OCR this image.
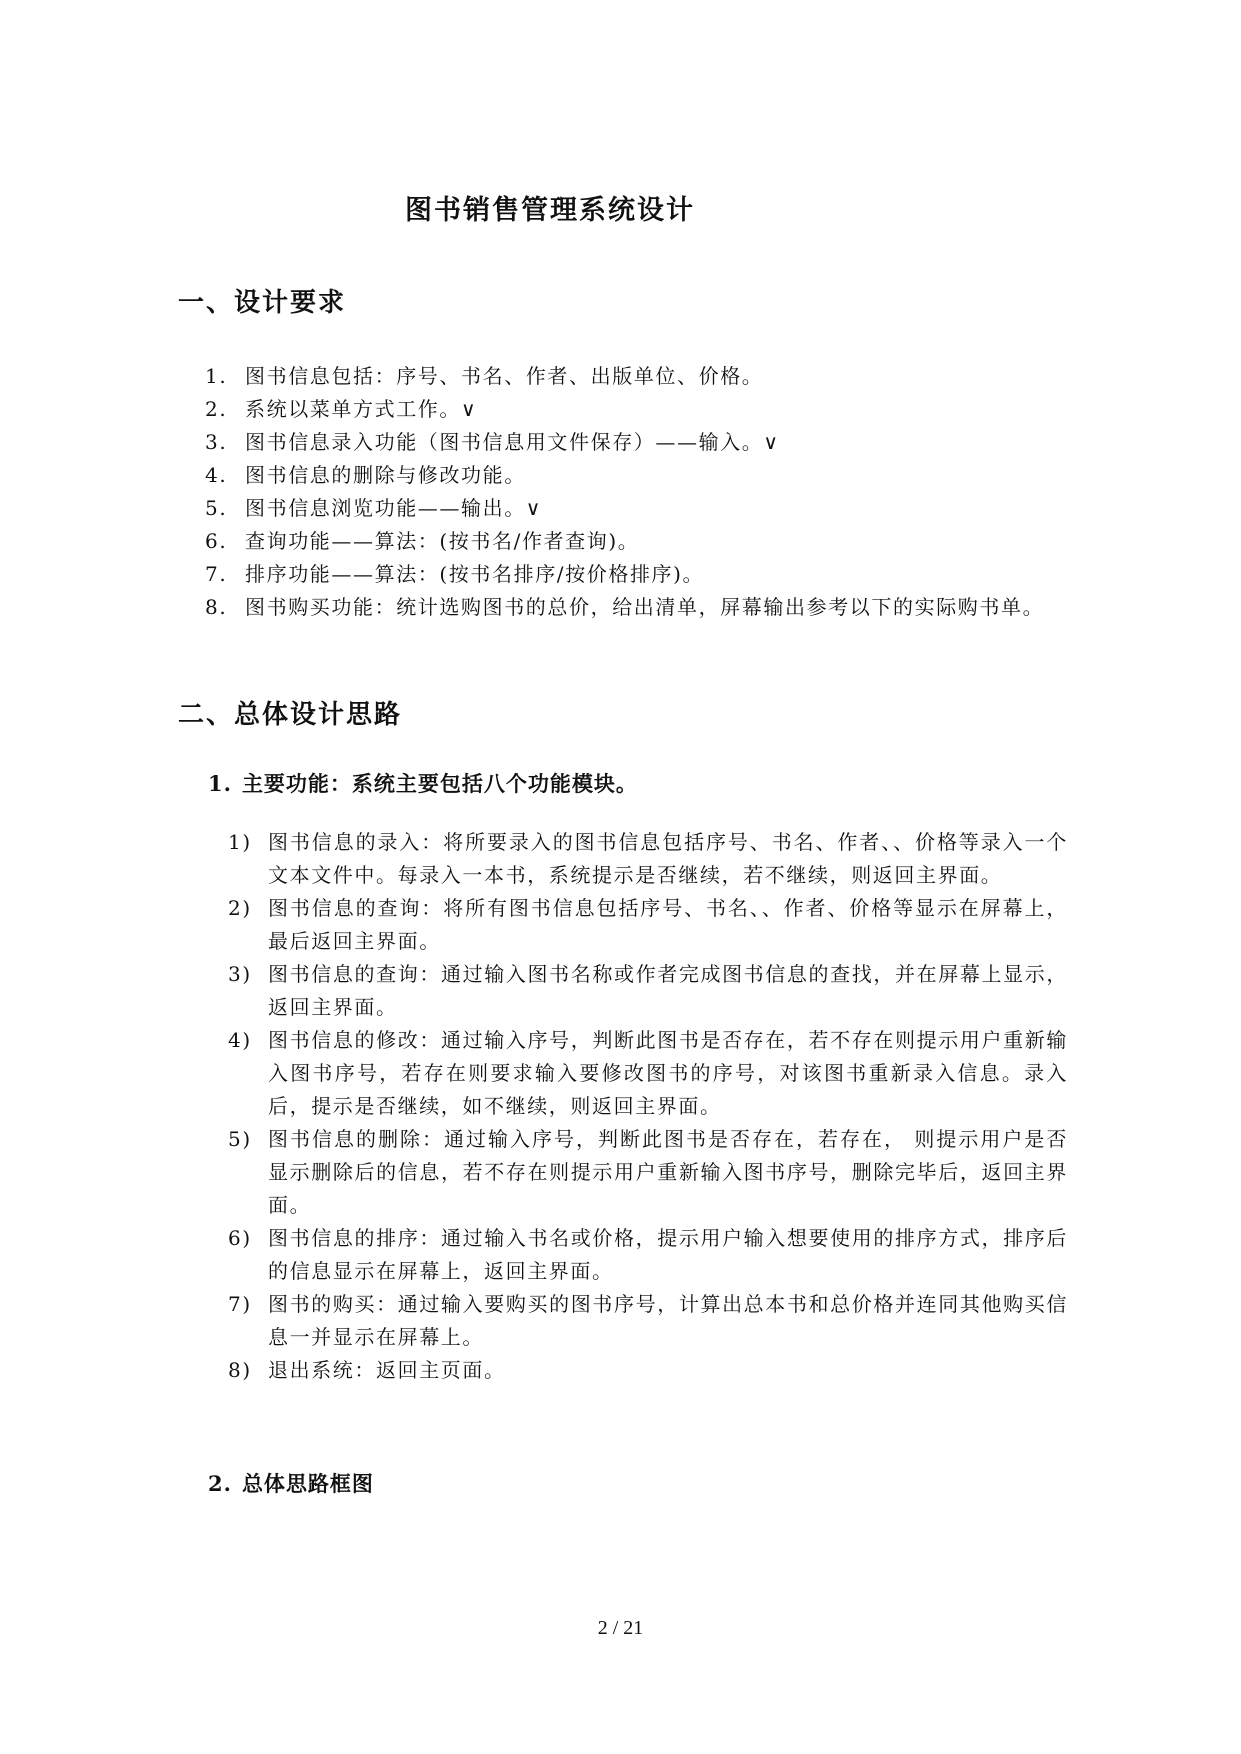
图书销售管理系统设计
一、设计要求
1. 图书信息包括：序号、书名、作者、出版单位、价格。
2. 系统以菜单方式工作。∨
3. 图书信息录入功能（图书信息用文件保存）——输入。∨
4. 图书信息的删除与修改功能。
5. 图书信息浏览功能——输出。∨
6. 查询功能——算法：(按书名/作者查询)。
7. 排序功能——算法：(按书名排序/按价格排序)。
8. 图书购买功能：统计选购图书的总价，给出清单，屏幕输出参考以下的实际购书单。
二、总体设计思路
1. 主要功能：系统主要包括八个功能模块。
1) 图书信息的录入：将所要录入的图书信息包括序号、书名、作者、、价格等录入一个文本文件中。每录入一本书，系统提示是否继续，若不继续，则返回主界面。
2) 图书信息的查询：将所有图书信息包括序号、书名、、作者、价格等显示在屏幕上，最后返回主界面。
3) 图书信息的查询：通过输入图书名称或作者完成图书信息的查找，并在屏幕上显示，返回主界面。
4) 图书信息的修改：通过输入序号，判断此图书是否存在，若不存在则提示用户重新输入图书序号，若存在则要求输入要修改图书的序号，对该图书重新录入信息。录入后，提示是否继续，如不继续，则返回主界面。
5) 图书信息的删除：通过输入序号，判断此图书是否存在，若存在， 则提示用户是否显示删除后的信息，若不存在则提示用户重新输入图书序号，删除完毕后，返回主界面。
6) 图书信息的排序：通过输入书名或价格，提示用户输入想要使用的排序方式，排序后的信息显示在屏幕上，返回主界面。
7) 图书的购买：通过输入要购买的图书序号，计算出总本书和总价格并连同其他购买信息一并显示在屏幕上。
8) 退出系统：返回主页面。
2. 总体思路框图
2 / 21
